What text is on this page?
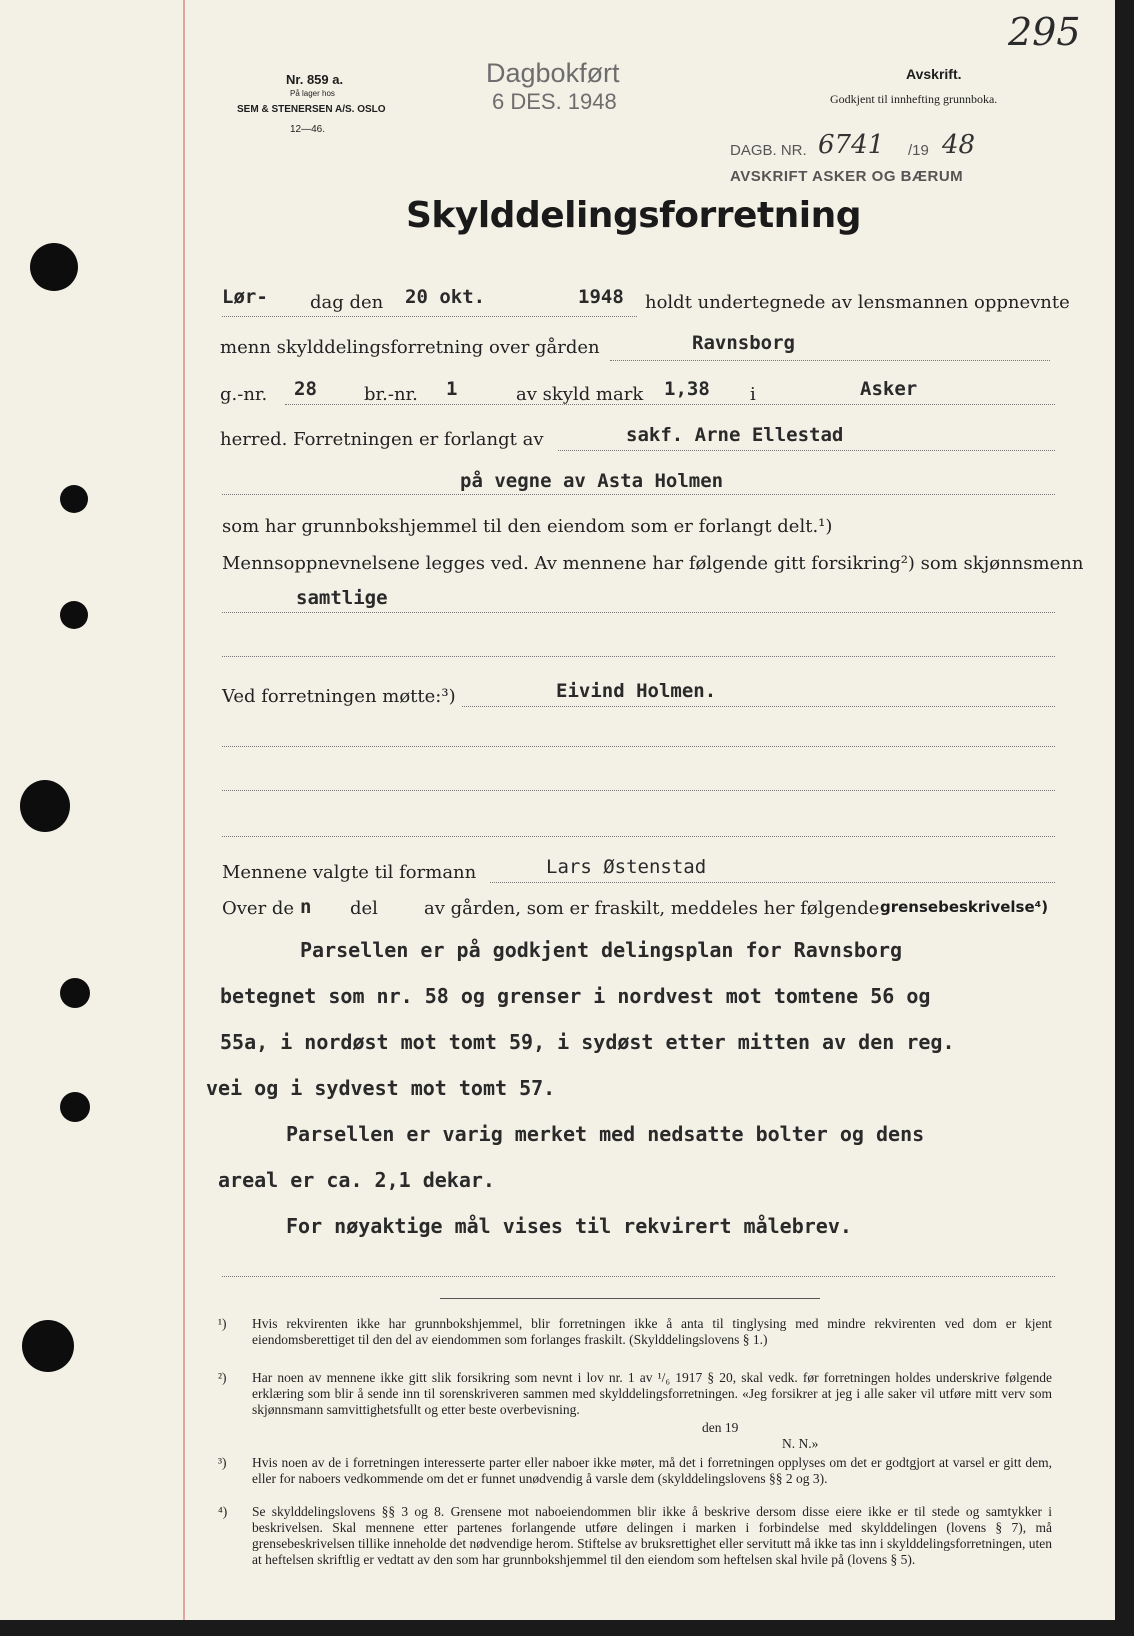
Nr. 859 a.
På lager hos
SEM & STENERSEN A/S. OSLO
12—46.
Dagbokført
6 DES. 1948
Avskrift.
Godkjent til innhefting grunnboka.
295
DAGB. NR. 6741 /19 48
AVSKRIFT ASKER OG BÆRUM
Skylddelingsforretning
Lør- dag den 20 okt.	1948 holdt undertegnede av lensmannen oppnevnte
menn skylddelingsforretning over gården	Ravnsborg
g.-nr. 28	br.-nr. 1	av skyld mark 1,38 i	Asker
herred. Forretningen er forlangt av	sakf. Arne Ellestad
på vegne av Asta Holmen
som har grunnbokshjemmel til den eiendom som er forlangt delt.¹)
Mennsoppnevnelsene legges ved. Av mennene har følgende gitt forsikring²) som skjønnsmenn
samtlige
Ved forretningen møtte:³)	Eivind Holmen.
Mennene valgte til formann	Lars Østenstad
Over de n del	av gården, som er fraskilt, meddeles her følgende grensebeskrivelse⁴)
Parsellen er på godkjent delingsplan for Ravnsborg
betegnet som nr. 58 og grenser i nordvest mot tomtene 56 og
55a, i nordøst mot tomt 59, i sydøst etter mitten av den reg.
vei og i sydvest mot tomt 57.
Parsellen er varig merket med nedsatte bolter og dens
areal er ca. 2,1 dekar.
For nøyaktige mål vises til rekvirert målebrev.
¹) Hvis rekvirenten ikke har grunnbokshjemmel, blir forretningen ikke å anta til tinglysing med mindre rekvirenten ved dom er kjent eiendomsberettiget til den del av eiendommen som forlanges fraskilt. (Skylddelingslovens § 1.)
²) Har noen av mennene ikke gitt slik forsikring som nevnt i lov nr. 1 av ¹/₆ 1917 § 20, skal vedk. før forretningen holdes underskrive følgende erklæring som blir å sende inn til sorenskriveren sammen med skylddelingsforretningen. «Jeg forsikrer at jeg i alle saker vil utføre mitt verv som skjønnsmann samvittighetsfullt og etter beste overbevisning.
den 19
N. N.»
³) Hvis noen av de i forretningen interesserte parter eller naboer ikke møter, må det i forretningen opplyses om det er godtgjort at varsel er gitt dem, eller for naboers vedkommende om det er funnet unødvendig å varsle dem (skylddelingslovens §§ 2 og 3).
⁴) Se skylddelingslovens §§ 3 og 8. Grensene mot naboeiendommen blir ikke å beskrive dersom disse eiere ikke er til stede og samtykker i beskrivelsen. Skal mennene etter partenes forlangende utføre delingen i marken i forbindelse med skylddelingen (lovens § 7), må grensebeskrivelsen tillike inneholde det nødvendige herom. Stiftelse av bruksrettighet eller servitutt må ikke tas inn i skylddelingsforretningen, uten at heftelsen skriftlig er vedtatt av den som har grunnbokshjemmel til den eiendom som heftelsen skal hvile på (lovens § 5).
